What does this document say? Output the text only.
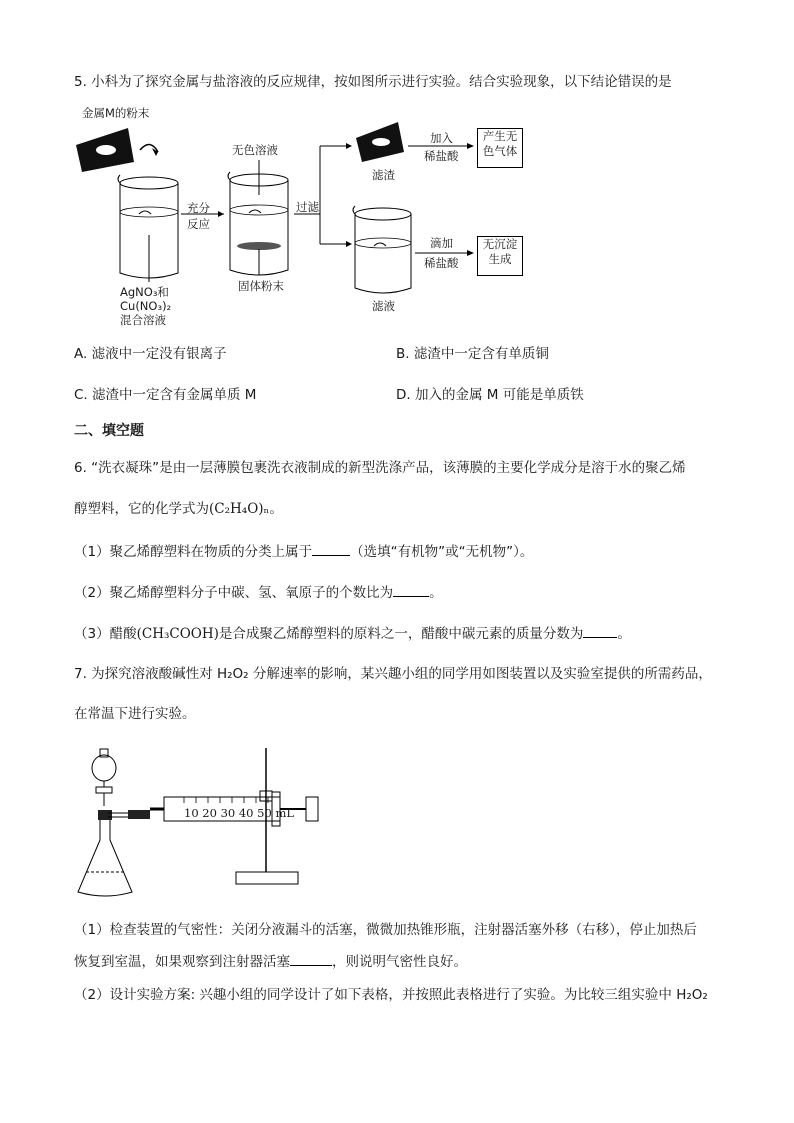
5. 小科为了探究金属与盐溶液的反应规律，按如图所示进行实验。结合实验现象，以下结论错误的是
金属M的粉末
无色溶液
充分
反应
过滤
AgNO₃和
Cu(NO₃)₂
混合溶液
固体粉末
滤渣
滤液
加入
稀盐酸
滴加
稀盐酸
产生无色气体
无沉淀生成
A. 滤液中一定没有银离子	B. 滤渣中一定含有单质铜
C. 滤渣中一定含有金属单质 M	D. 加入的金属 M 可能是单质铁
二、填空题
6. “洗衣凝珠”是由一层薄膜包裹洗衣液制成的新型洗涤产品，该薄膜的主要化学成分是溶于水的聚乙烯
醇塑料，它的化学式为(C₂H₄O)ₙ。
（1）聚乙烯醇塑料在物质的分类上属于	（选填“有机物”或“无机物”）。
（2）聚乙烯醇塑料分子中碳、氢、氧原子的个数比为	。
（3）醋酸(CH₃COOH)是合成聚乙烯醇塑料的原料之一，醋酸中碳元素的质量分数为	。
7. 为探究溶液酸碱性对 H₂O₂ 分解速率的影响，某兴趣小组的同学用如图装置以及实验室提供的所需药品，
在常温下进行实验。
10 20 30 40 50 mL
（1）检查装置的气密性：关闭分液漏斗的活塞，微微加热锥形瓶，注射器活塞外移（右移），停止加热后
恢复到室温，如果观察到注射器活塞	，则说明气密性良好。
（2）设计实验方案: 兴趣小组的同学设计了如下表格，并按照此表格进行了实验。为比较三组实验中 H₂O₂
